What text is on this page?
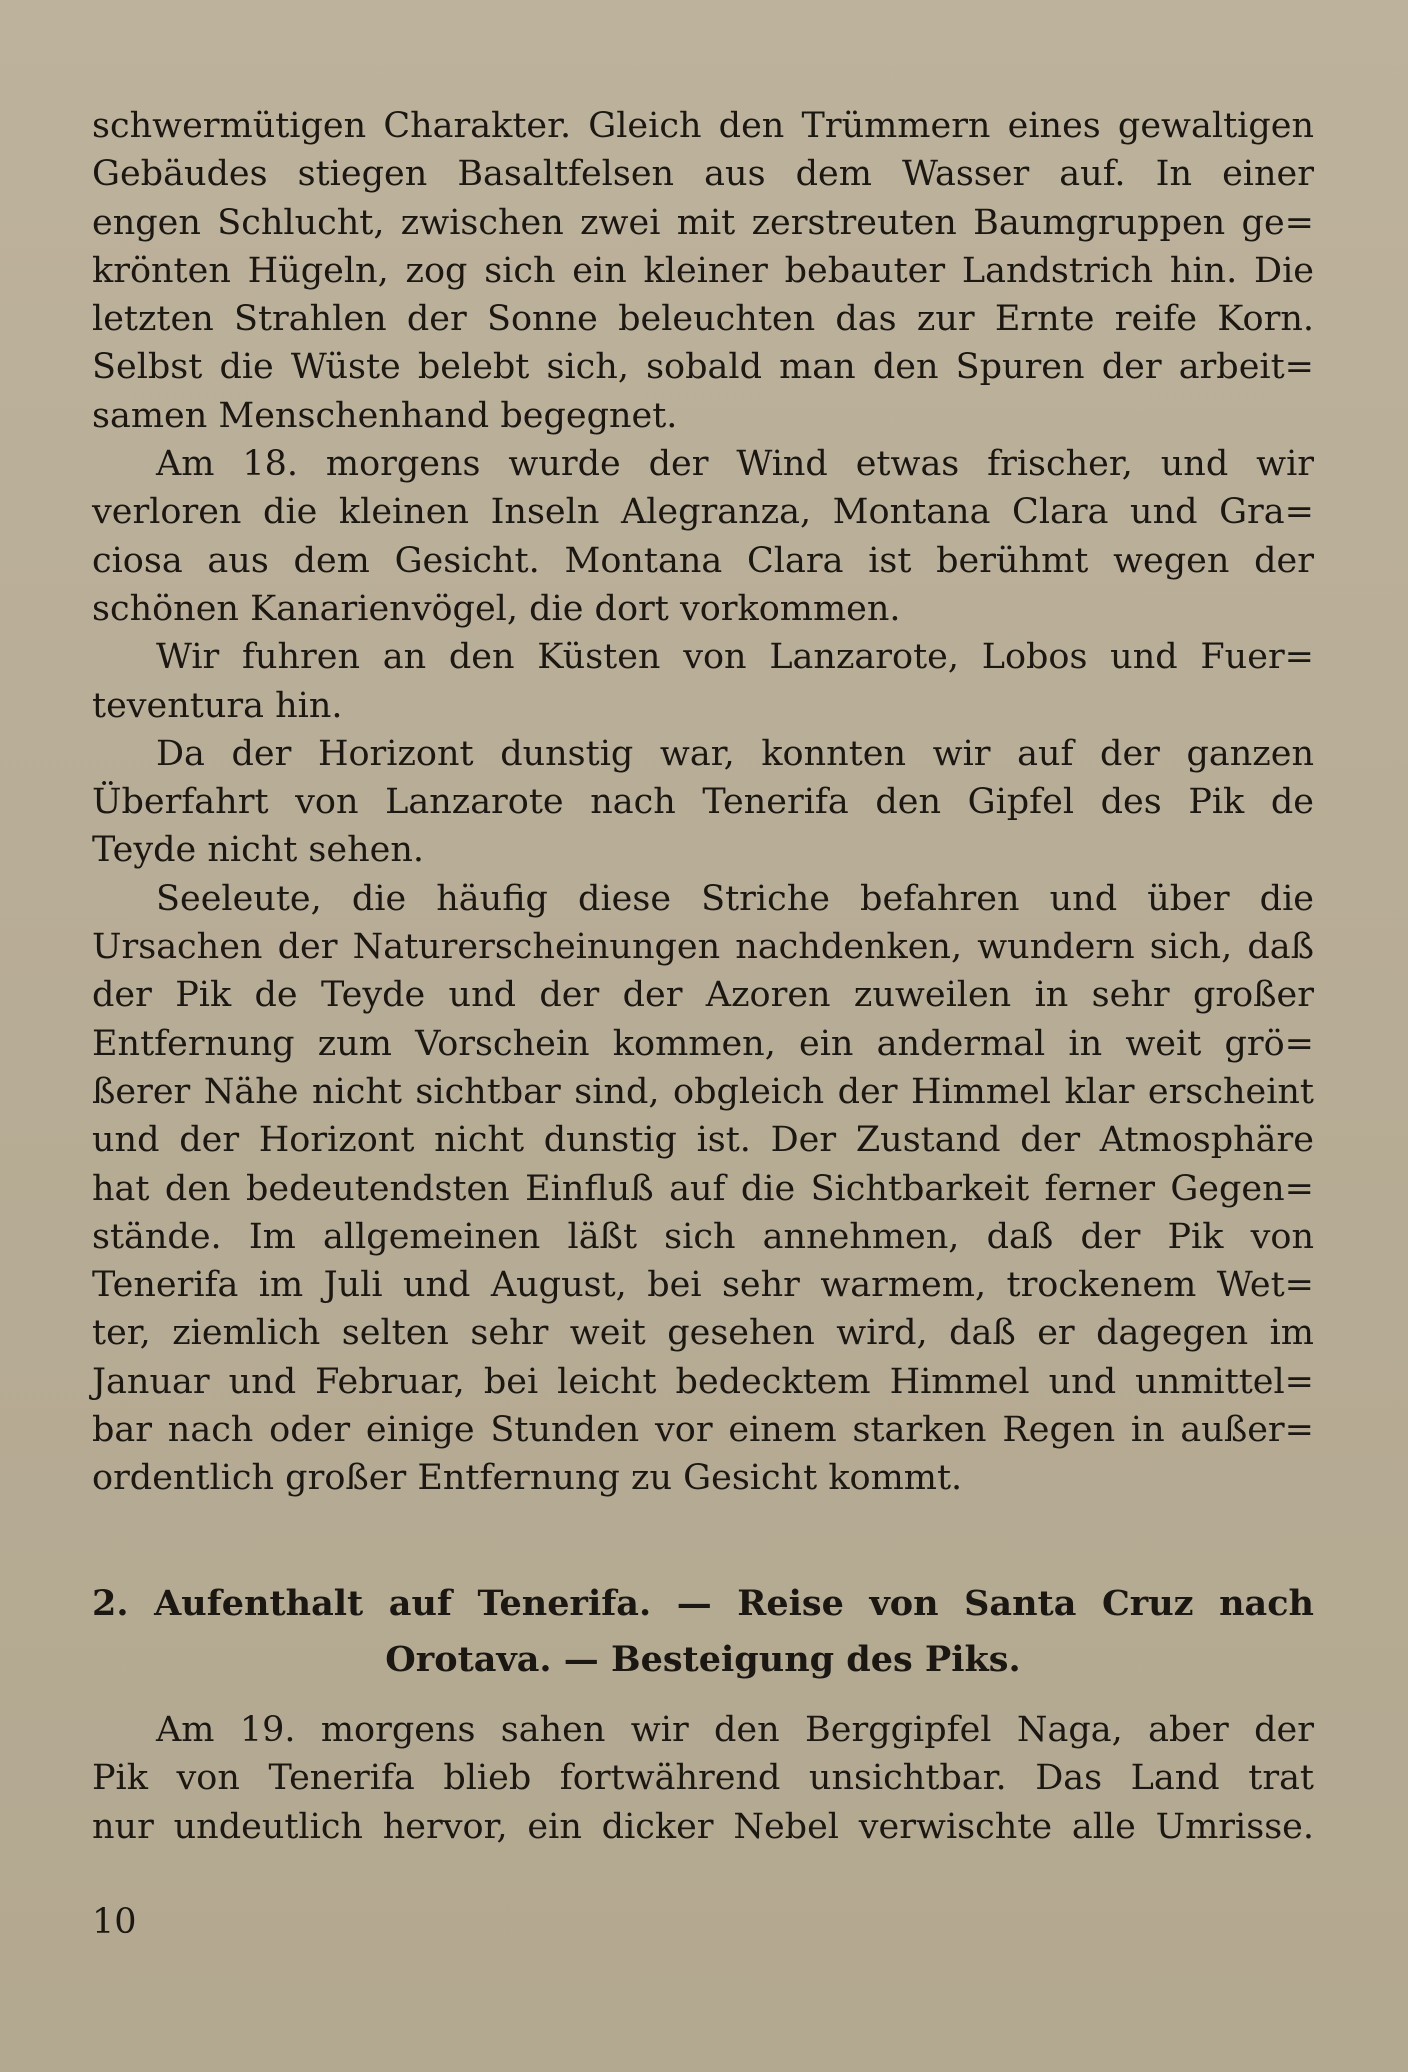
schwermütigen Charakter. Gleich den Trümmern eines gewaltigen
Gebäudes stiegen Basaltfelsen aus dem Wasser auf. In einer
engen Schlucht, zwischen zwei mit zerstreuten Baumgruppen ge=
krönten Hügeln, zog sich ein kleiner bebauter Landstrich hin. Die
letzten Strahlen der Sonne beleuchten das zur Ernte reife Korn.
Selbst die Wüste belebt sich, sobald man den Spuren der arbeit=
samen Menschenhand begegnet.
Am 18. morgens wurde der Wind etwas frischer, und wir
verloren die kleinen Inseln Alegranza, Montana Clara und Gra=
ciosa aus dem Gesicht. Montana Clara ist berühmt wegen der
schönen Kanarienvögel, die dort vorkommen.
Wir fuhren an den Küsten von Lanzarote, Lobos und Fuer=
teventura hin.
Da der Horizont dunstig war, konnten wir auf der ganzen
Überfahrt von Lanzarote nach Tenerifa den Gipfel des Pik de
Teyde nicht sehen.
Seeleute, die häufig diese Striche befahren und über die
Ursachen der Naturerscheinungen nachdenken, wundern sich, daß
der Pik de Teyde und der der Azoren zuweilen in sehr großer
Entfernung zum Vorschein kommen, ein andermal in weit grö=
ßerer Nähe nicht sichtbar sind, obgleich der Himmel klar erscheint
und der Horizont nicht dunstig ist. Der Zustand der Atmosphäre
hat den bedeutendsten Einfluß auf die Sichtbarkeit ferner Gegen=
stände. Im allgemeinen läßt sich annehmen, daß der Pik von
Tenerifa im Juli und August, bei sehr warmem, trockenem Wet=
ter, ziemlich selten sehr weit gesehen wird, daß er dagegen im
Januar und Februar, bei leicht bedecktem Himmel und unmittel=
bar nach oder einige Stunden vor einem starken Regen in außer=
ordentlich großer Entfernung zu Gesicht kommt.
2. Aufenthalt auf Tenerifa. — Reise von Santa Cruz nach
Orotava. — Besteigung des Piks.
Am 19. morgens sahen wir den Berggipfel Naga, aber der
Pik von Tenerifa blieb fortwährend unsichtbar. Das Land trat
nur undeutlich hervor, ein dicker Nebel verwischte alle Umrisse.
10
